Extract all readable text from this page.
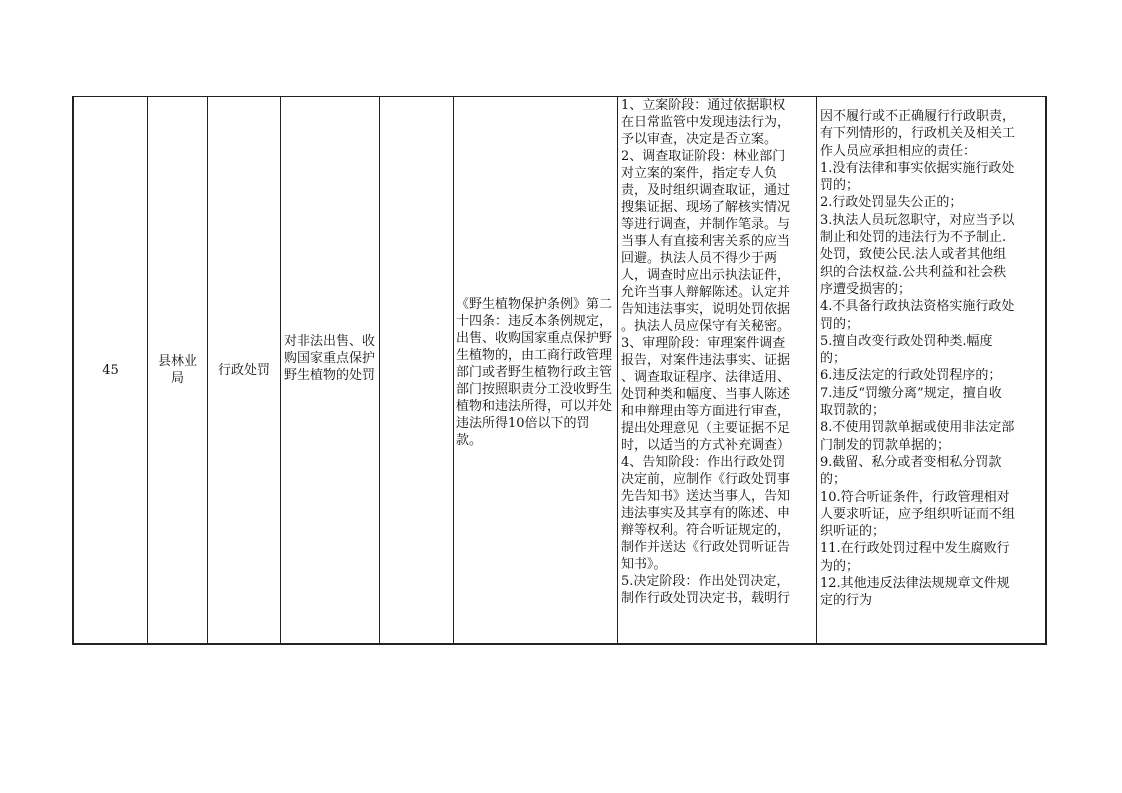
45
县林业局
行政处罚
对非法出售、收购国家重点保护野生植物的处罚
《野生植物保护条例》第二十四条：违反本条例规定，出售、收购国家重点保护野生植物的，由工商行政管理部门或者野生植物行政主管部门按照职责分工没收野生植物和违法所得，可以并处违法所得10倍以下的罚款。
1、立案阶段：通过依据职权
在日常监管中发现违法行为，
予以审查，决定是否立案。
2、调查取证阶段：林业部门
对立案的案件，指定专人负
责，及时组织调查取证，通过
搜集证据、现场了解核实情况
等进行调查，并制作笔录。与
当事人有直接利害关系的应当
回避。执法人员不得少于两
人，调查时应出示执法证件，
允许当事人辩解陈述。认定并
告知违法事实，说明处罚依据
。执法人员应保守有关秘密。
3、审理阶段：审理案件调查
报告，对案件违法事实、证据
、调查取证程序、法律适用、
处罚种类和幅度、当事人陈述
和申辩理由等方面进行审查，
提出处理意见（主要证据不足
时，以适当的方式补充调查）
4、告知阶段：作出行政处罚
决定前，应制作《行政处罚事
先告知书》送达当事人，告知
违法事实及其享有的陈述、申
辩等权利。符合听证规定的，
制作并送达《行政处罚听证告
知书》。
5.决定阶段：作出处罚决定，
制作行政处罚决定书，载明行
因不履行或不正确履行行政职责，
有下列情形的，行政机关及相关工
作人员应承担相应的责任：
1.没有法律和事实依据实施行政处
罚的；
2.行政处罚显失公正的；
3.执法人员玩忽职守，对应当予以
制止和处罚的违法行为不予制止.
处罚，致使公民.法人或者其他组
织的合法权益.公共利益和社会秩
序遭受损害的；
4.不具备行政执法资格实施行政处
罚的；
5.擅自改变行政处罚种类.幅度
的；
6.违反法定的行政处罚程序的；
7.违反“罚缴分离”规定，擅自收
取罚款的；
8.不使用罚款单据或使用非法定部
门制发的罚款单据的；
9.截留、私分或者变相私分罚款
的；
10.符合听证条件，行政管理相对
人要求听证，应予组织听证而不组
织听证的；
11.在行政处罚过程中发生腐败行
为的；
12.其他违反法律法规规章文件规
定的行为
